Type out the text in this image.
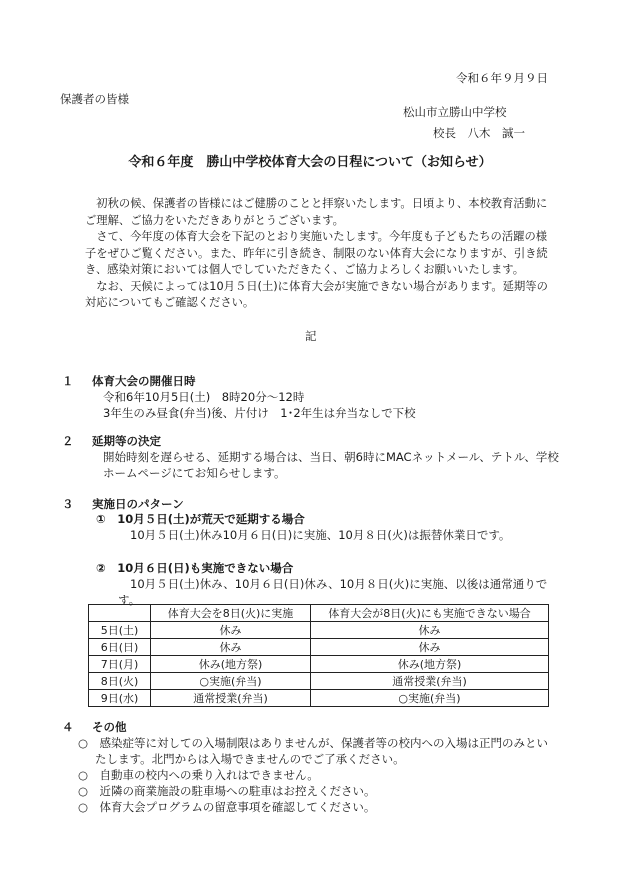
令和６年９月９日
保護者の皆様
松山市立勝山中学校
校長　八木　誠一
令和６年度　勝山中学校体育大会の日程について（お知らせ）

初秋の候、保護者の皆様にはご健勝のことと拝察いたします。日頃より、本校教育活動にご理解、ご協力をいただきありがとうございます。

さて、今年度の体育大会を下記のとおり実施いたします。今年度も子どもたちの活躍の様子をぜひご覧ください。また、昨年に引き続き、制限のない体育大会になりますが、引き続き、感染対策においては個人でしていただきたく、ご協力よろしくお願いいたします。

なお、天候によっては10月５日(土)に体育大会が実施できない場合があります。延期等の対応についてもご確認ください。

記
１ 体育大会の開催日時
令和6年10月5日(土)　8時20分～12時
3年生のみ昼食(弁当)後、片付け　1･2年生は弁当なしで下校
２ 延期等の決定
開始時刻を遅らせる、延期する場合は、当日、朝6時にMACネットメール、テトル、学校
ホームページにてお知らせします。
３ 実施日のパターン
①　10月５日(土)が荒天で延期する場合
10月５日(土)休み10月６日(日)に実施、10月８日(火)は振替休業日です。
②　10月６日(日)も実施できない場合
10月５日(土)休み、10月６日(日)休み、10月８日(火)に実施、以後は通常通りで
す。
	体育大会を8日(火)に実施	体育大会が8日(火)にも実施できない場合
5日(土)	休み	休み
6日(日)	休み	休み
7日(月)	休み(地方祭)	休み(地方祭)
8日(火)	○実施(弁当)	通常授業(弁当)
9日(水)	通常授業(弁当)	○実施(弁当)
４ その他
○　感染症等に対しての入場制限はありませんが、保護者等の校内への入場は正門のみとい
たします。北門からは入場できませんのでご了承ください。
○　自動車の校内への乗り入れはできません。
○　近隣の商業施設の駐車場への駐車はお控えください。
○　体育大会プログラムの留意事項を確認してください。
